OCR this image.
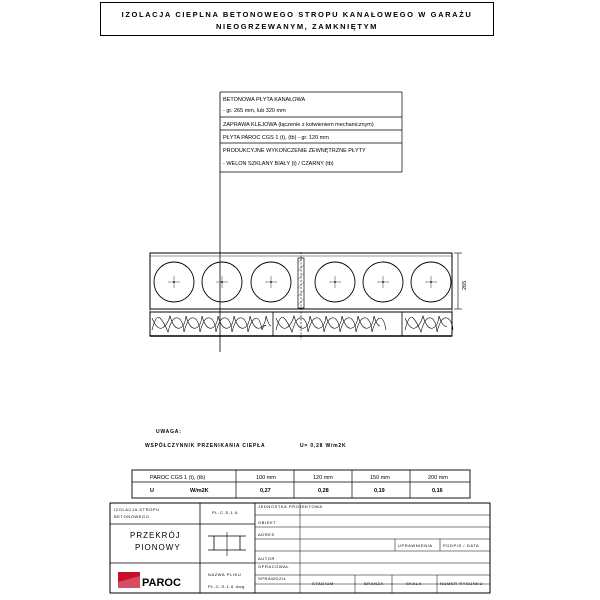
IZOLACJA CIEPLNA BETONOWEGO STROPU KANAŁOWEGO W GARAŻU
NIEOGRZEWANYM, ZAMKNIĘTYM
BETONOWA PŁYTA KANAŁOWA
- gr. 265 mm, lub 320 mm
ZAPRAWA KLEJOWA (łączenie z kotwieniem mechanicznym)
PŁYTA PAROC CGS 1 (t), (tb) - gr. 120 mm
PRODUKCYJNE WYKOŃCZENIE ZEWNĘTRZNE PŁYTY
- WELON SZKLANY BIAŁY (t) / CZARNY (tb)
265
UWAGA:
WSPÓŁCZYNNIK PRZENIKANIA CIEPŁA	U= 0,28 W/m2K
PAROC CGS 1 (t), (tb)	100 mm	120 mm	150 mm	200 mm
U	W/m2K	0,27	0,28	0,19	0,16
IZOLACJA STROPU
BETONOWEGO
PL-C-S-1.6
PRZEKRÓJ
PIONOWY
PAROC
NAZWA PLIKU
PL-C-S-1.6.dwg
JEDNOSTKA PROJEKTOWA
OBIEKT
ADRES
AUTOR
OPRACOWAŁ
SPRAWDZIŁ
UPRAWNIENIA	PODPIS / DATA
STADIUM	BRANŻA	SKALA	NUMER RYSUNKU
